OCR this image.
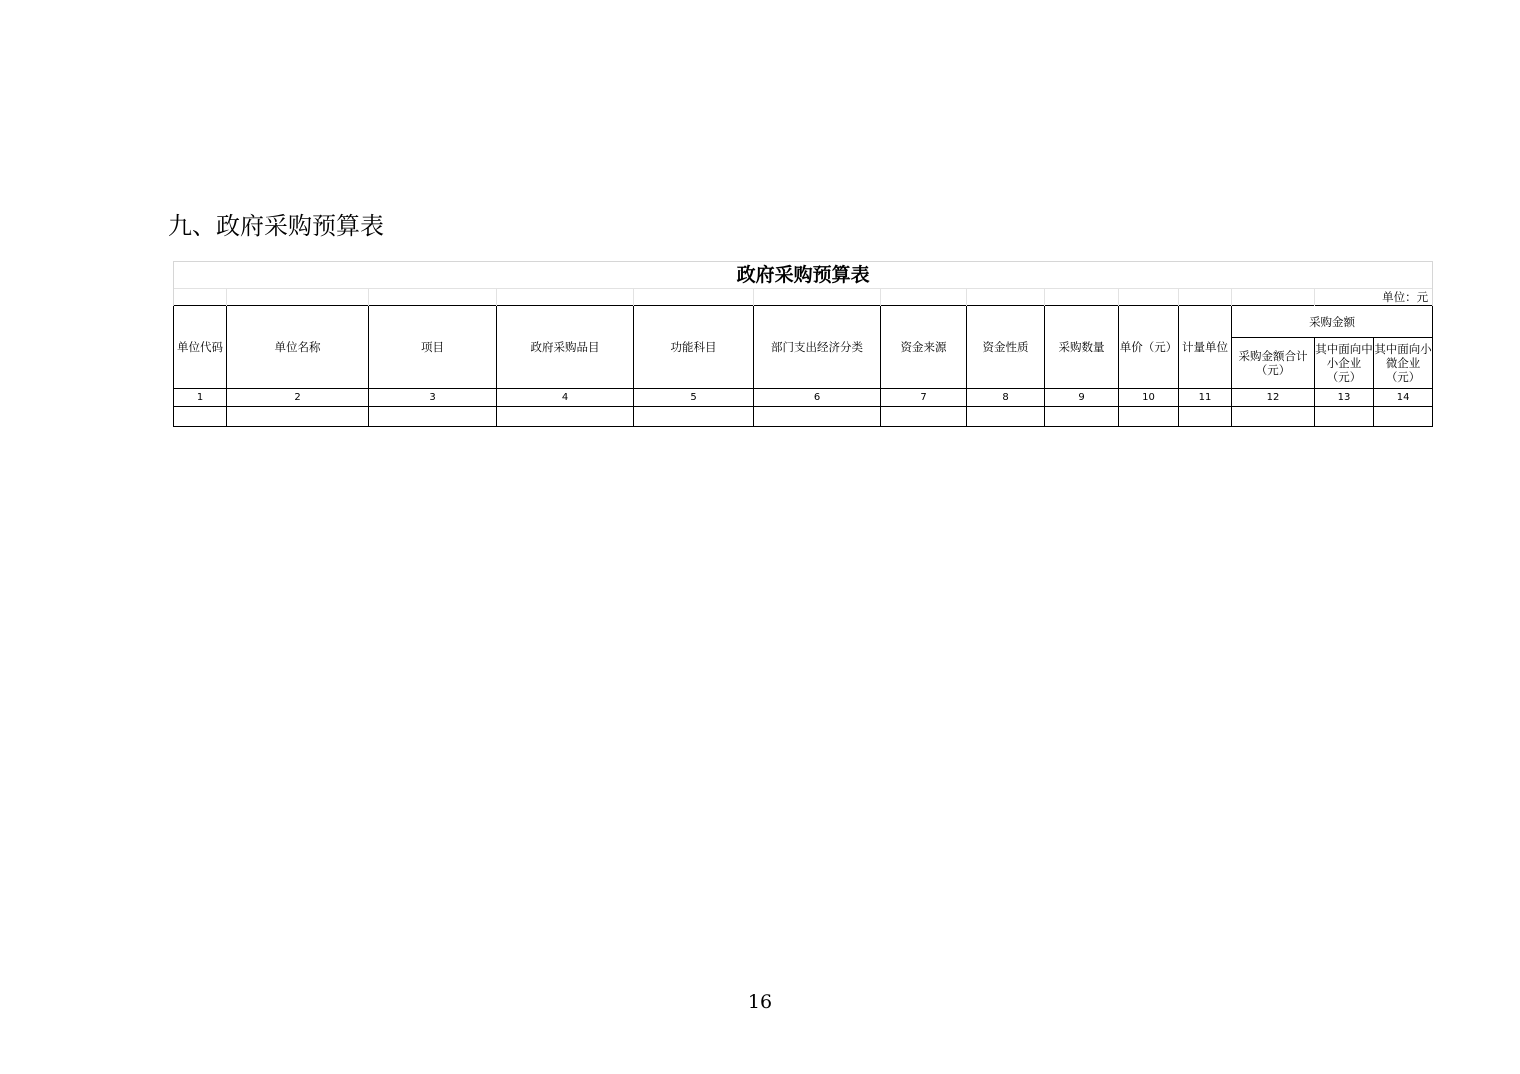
九、政府采购预算表
政府采购预算表													
												单位：元	
单位代码	单位名称	项目	政府采购品目	功能科目	部门支出经济分类	资金来源	资金性质	采购数量	单价（元）	计量单位	采购金额		
											采购金额合计（元）	其中面向中小企业（元）	其中面向小微企业（元）
1	2	3	4	5	6	7	8	9	10	11	12	13	14

16
